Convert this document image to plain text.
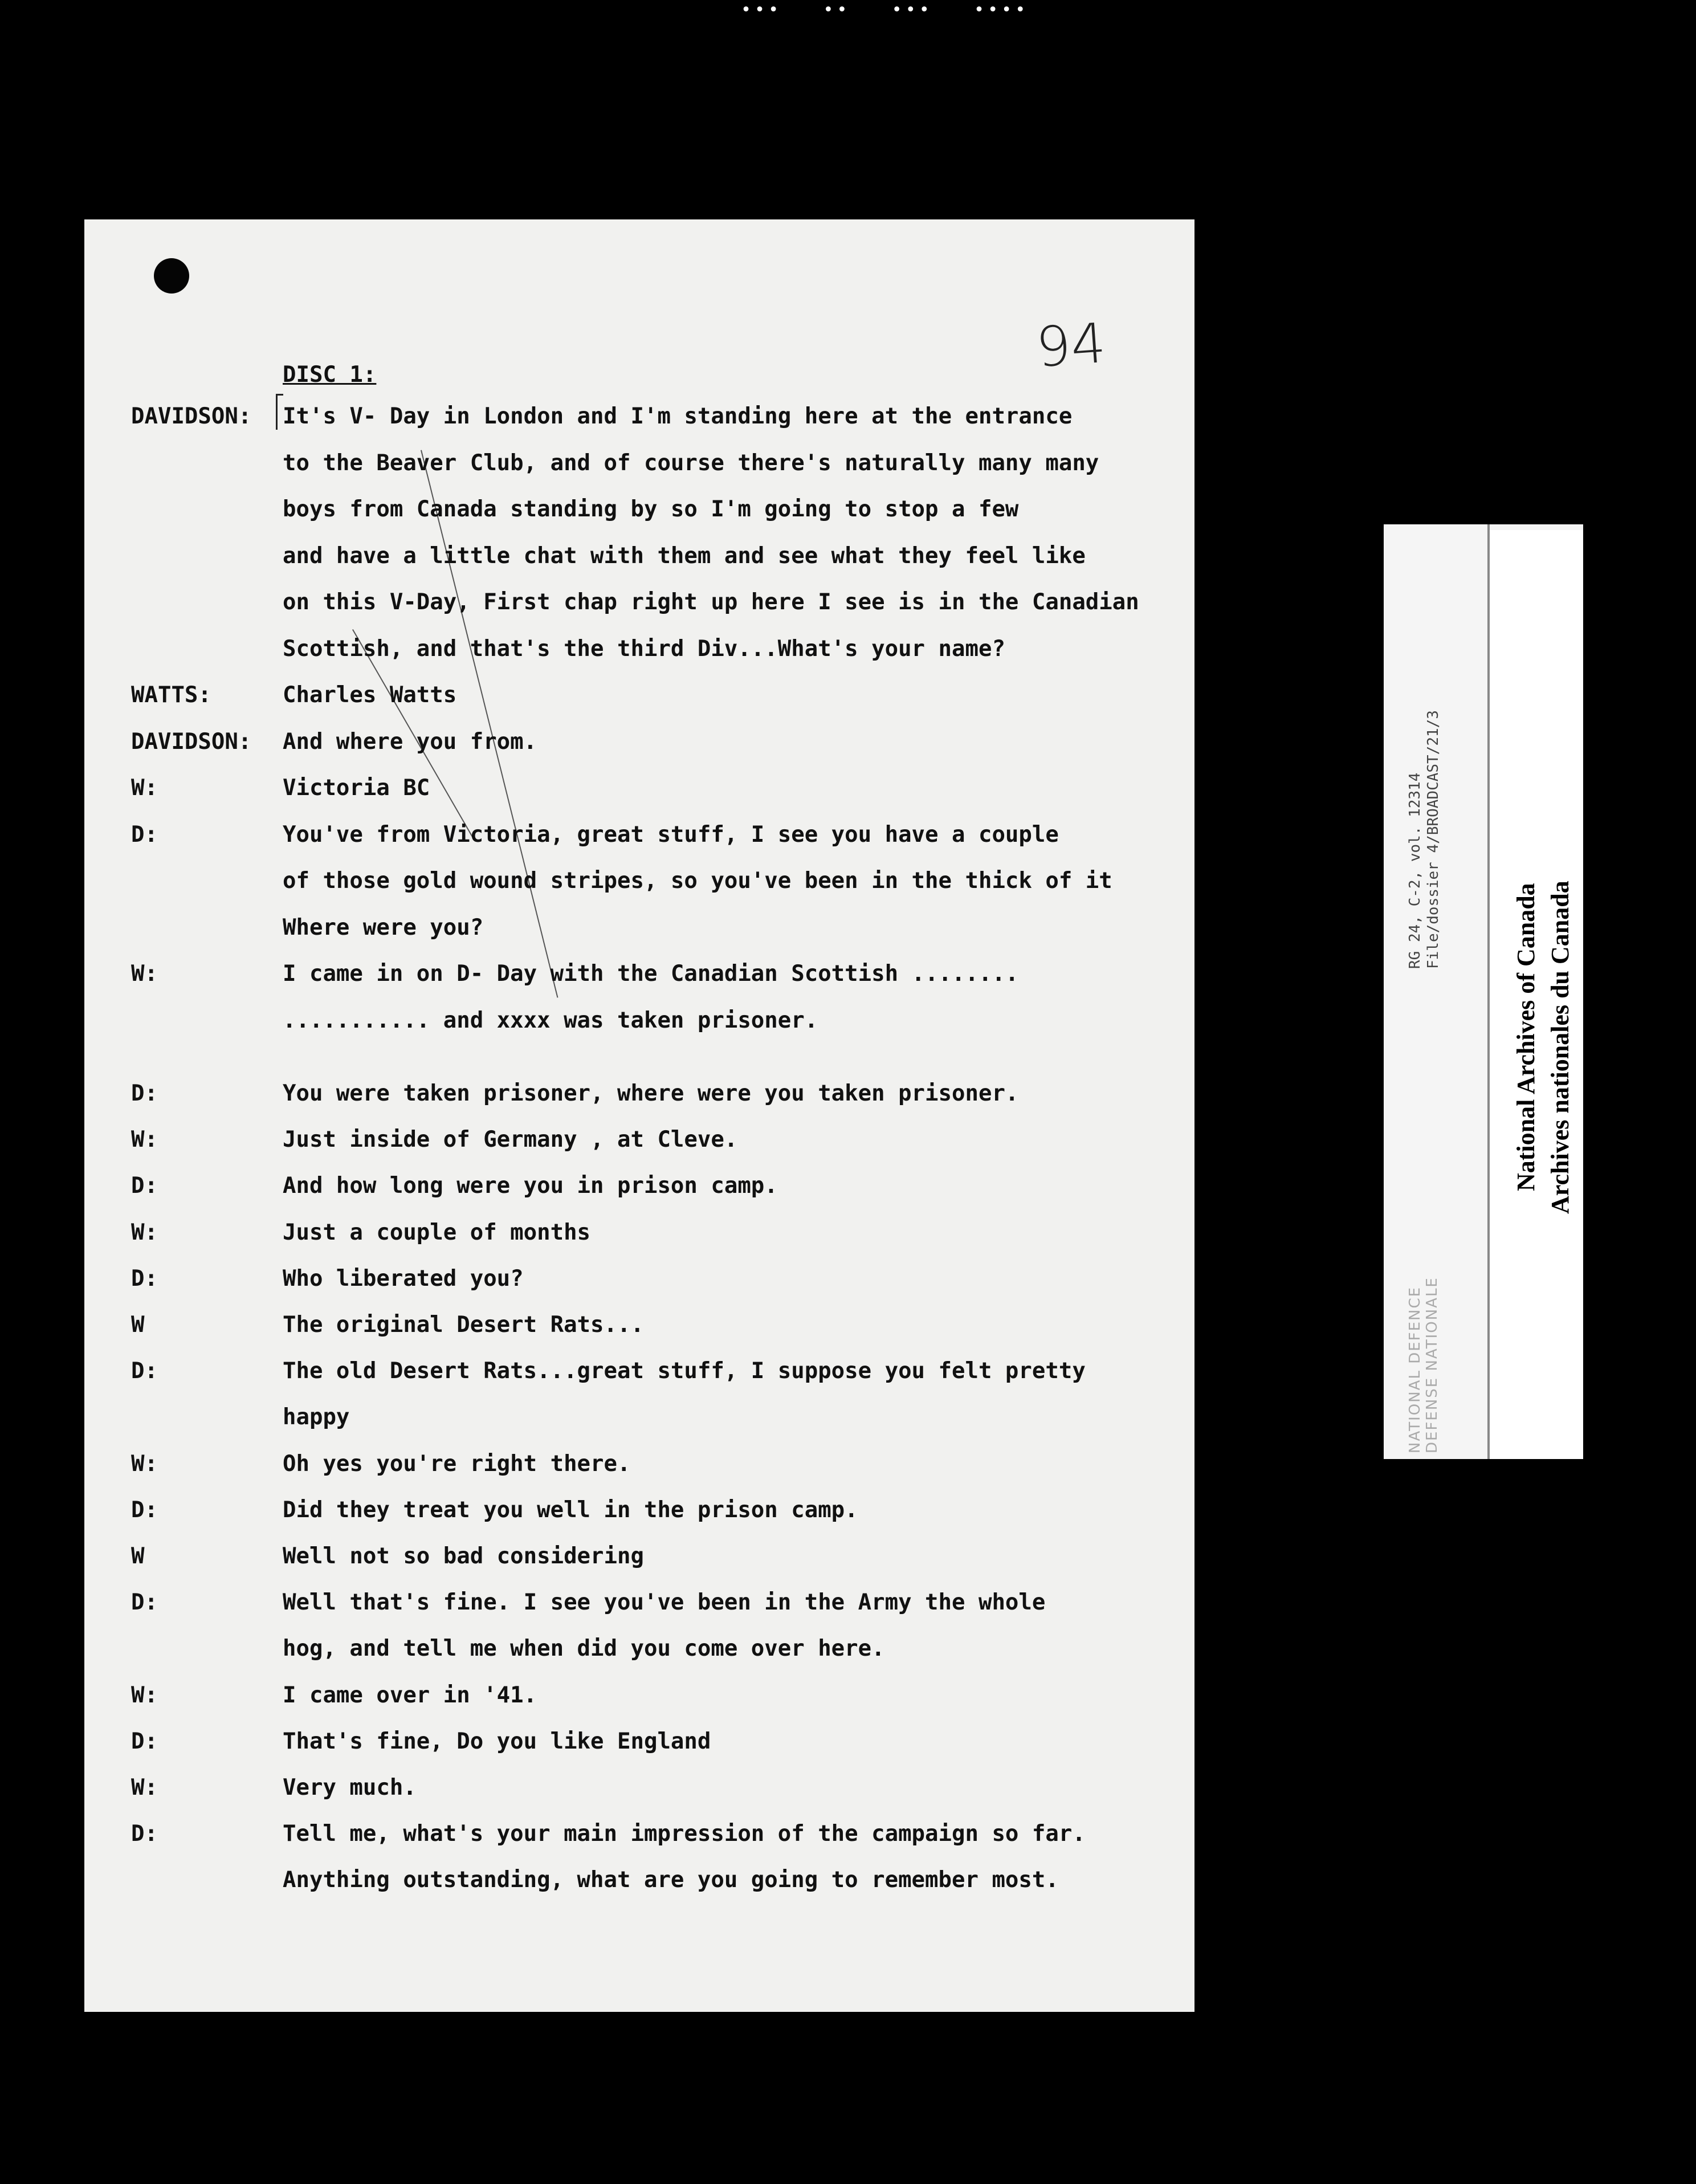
•••   ••   •••   ••••
94
DISC 1:
DAVIDSON: It's V- Day in London and I'm standing here at the entrance
to the Beaver Club, and of course there's naturally many many
boys from Canada standing by so I'm going to stop a few
and have a little chat with them and see what they feel like
on this V-Day, First chap right up here I see is in the Canadian
Scottish, and that's the third Div...What's your name?
WATTS:	Charles Watts
DAVIDSON: And where you from.
W:	Victoria BC
D:	You've from Victoria, great stuff, I see you have a couple
of those gold wound stripes, so you've been in the thick of it
Where were you?
W:	I came in on D- Day with the Canadian Scottish ........
........... and xxxx was taken prisoner.
D:	You were taken prisoner, where were you taken prisoner.
W:	Just inside of Germany , at Cleve.
D:	And how long were you in prison camp.
W:	Just a couple of months
D:	Who liberated you?
W	The original Desert Rats...
D:	The old Desert Rats...great stuff, I suppose you felt pretty
happy
W:	Oh yes you're right there.
D:	Did they treat you well in the prison camp.
W	Well not so bad considering
D:	Well that's fine. I see you've been in the Army the whole
hog, and tell me when did you come over here.
W:	I came over in '41.
D:	That's fine, Do you like England
W:	Very much.
D:	Tell me, what's your main impression of the campaign so far.
Anything outstanding, what are you going to remember most.
RG 24, C-2, vol. 12314 File/dossier 4/BROADCAST/21/3
NATIONAL DEFENCE DEFENSE NATIONALE
National Archives of Canada Archives nationales du Canada
